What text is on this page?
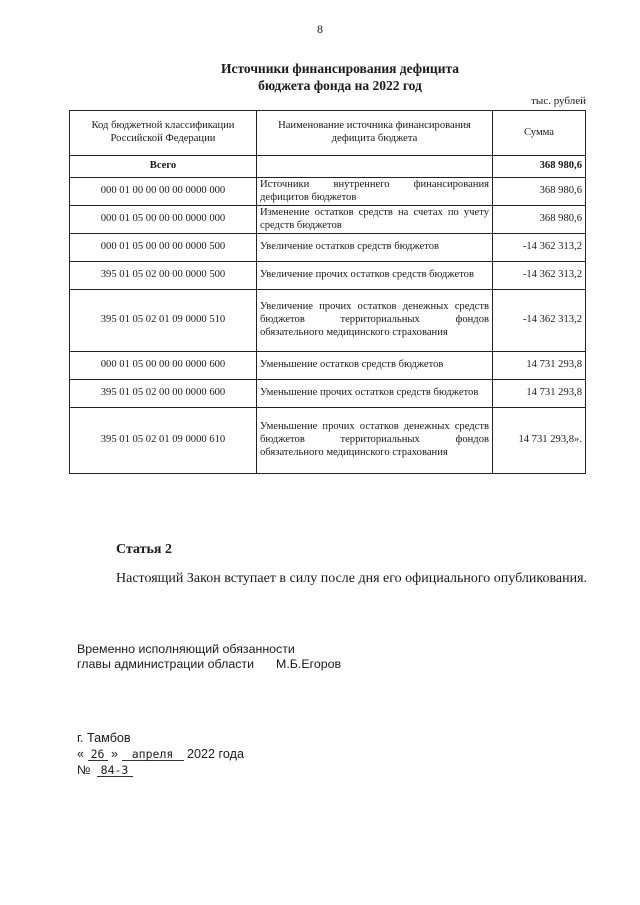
8
Источники финансирования дефицита
бюджета фонда на 2022 год
тыс. рублей
Код бюджетной классификации Российской Федерации	Наименование источника финансирования дефицита бюджета	Сумма
Всего		368 980,6
000 01 00 00 00 00 0000 000	Источники внутреннего финансирования дефицитов бюджетов	368 980,6
000 01 05 00 00 00 0000 000	Изменение остатков средств на счетах по учету средств бюджетов	368 980,6
000 01 05 00 00 00 0000 500	Увеличение остатков средств бюджетов	-14 362 313,2
395 01 05 02 00 00 0000 500	Увеличение прочих остатков средств бюджетов	-14 362 313,2
395 01 05 02 01 09 0000 510	Увеличение прочих остатков денежных средств бюджетов территориальных фондов обязательного медицинского страхования	-14 362 313,2
000 01 05 00 00 00 0000 600	Уменьшение остатков средств бюджетов	14 731 293,8
395 01 05 02 00 00 0000 600	Уменьшение прочих остатков средств бюджетов	14 731 293,8
395 01 05 02 01 09 0000 610	Уменьшение прочих остатков денежных средств бюджетов территориальных фондов обязательного медицинского страхования	14 731 293,8».
Статья 2
Настоящий Закон вступает в силу после дня его официального опубликования.
Временно исполняющий обязанности
главы администрации области М.Б.Егоров
г. Тамбов
« 26 » апреля 2022 года
№ 84-3
